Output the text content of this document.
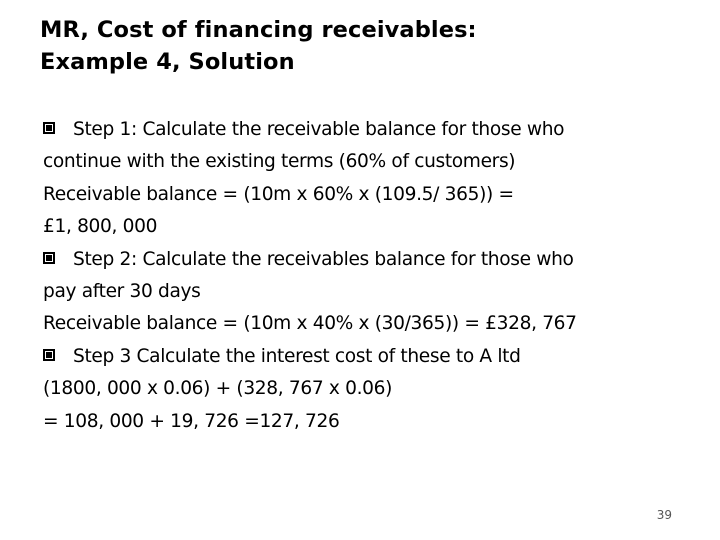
MR, Cost of financing receivables:
Example 4, Solution
Step 1: Calculate the receivable balance for those who
continue with the existing terms (60% of customers)
Receivable balance = (10m x 60% x (109.5/ 365)) =
£1, 800, 000
Step 2: Calculate the receivables balance for those who
pay after 30 days
Receivable balance = (10m x 40% x (30/365)) = £328, 767
Step 3 Calculate the interest cost of these to A ltd
(1800, 000 x 0.06) + (328, 767 x 0.06)
= 108, 000 + 19, 726 =127, 726
39
